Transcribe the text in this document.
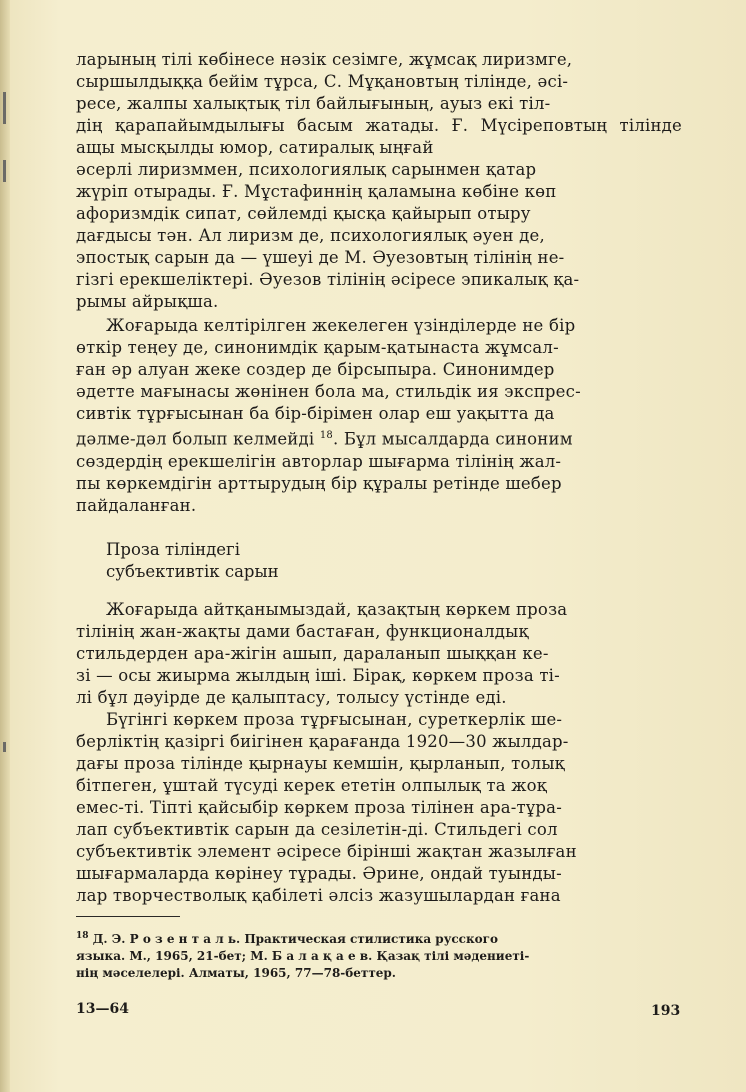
ларының тілі көбінесе нәзік сезімге, жұмсақ лиризмге,
сыршылдыққа бейім тұрса, С. Мұқановтың тілінде, әсі-
ресе, жалпы халықтық тіл байлығының, ауыз екі тіл-
дің қарапайымдылығы басым жатады. Ғ. Мүсіреповтың тілінде ащы мысқылды юмор, сатиралық ыңғай
әсерлі лиризммен, психологиялық сарынмен қатар
жүріп отырады. Ғ. Мұстафиннің қаламына көбіне көп
афоризмдік сипат, сөйлемді қысқа қайырып отыру
дағдысы тән. Ал лиризм де, психологиялық әуен де,
эпостық сарын да — үшеуі де М. Әуезовтың тілінің не-
гізгі ерекшеліктері. Әуезов тілінің әсіресе эпикалық қа-
рымы айрықша.

Жоғарыда келтірілген жекелеген үзінділерде не бір
өткір теңеу де, синонимдік қарым-қатынаста жұмсал-
ған әр алуан жеке создер де бірсыпыра. Синонимдер
әдетте мағынасы жөнінен бола ма, стильдік ия экспрес-
сивтік тұрғысынан ба бір-бірімен олар еш уақытта да
дәлме-дәл болып келмейді $^{18}$. Бұл мысалдарда синоним
сөздердің ерекшелігін авторлар шығарма тілінің жал-
пы көркемдігін арттырудың бір құралы ретінде шебер
пайдаланған.

Проза тіліндегі
субъективтік сарын

Жоғарыда айтқанымыздай, қазақтың көркем проза
тілінің жан-жақты дами бастаған, функционалдық
стильдерден ара-жігін ашып, дараланып шыққан ке-
зі — осы жиырма жылдың іші. Бірақ, көркем проза ті-
лі бұл дәуірде де қалыптасу, толысу үстінде еді.

Бүгінгі көркем проза тұрғысынан, суреткерлік ше-
берліктің қазіргі биігінен қарағанда 1920—30 жылдар-
дағы проза тілінде қырнауы кемшін, қырланып, толық
бітпеген, ұштай түсуді керек ететін олпылық та жоқ
емес-ті. Тіпті қайсыбір көркем проза тілінен ара-тұра-
лап субъективтік сарын да сезілетін-ді. Стильдегі сол
субъективтік элемент әсіресе бірінші жақтан жазылған
шығармаларда көрінеу тұрады. Әрине, ондай туынды-
лар творчестволық қабілеті әлсіз жазушылардан ғана

$^{18}$ Д. Э. Р о з е н т а л ь. Практическая стилистика русского
языка. М., 1965, 21-бет; М. Б а л а қ а е в. Қазақ тілі мәдениеті-
нің мәселелері. Алматы, 1965, 77—78-беттер.
13—64	193
